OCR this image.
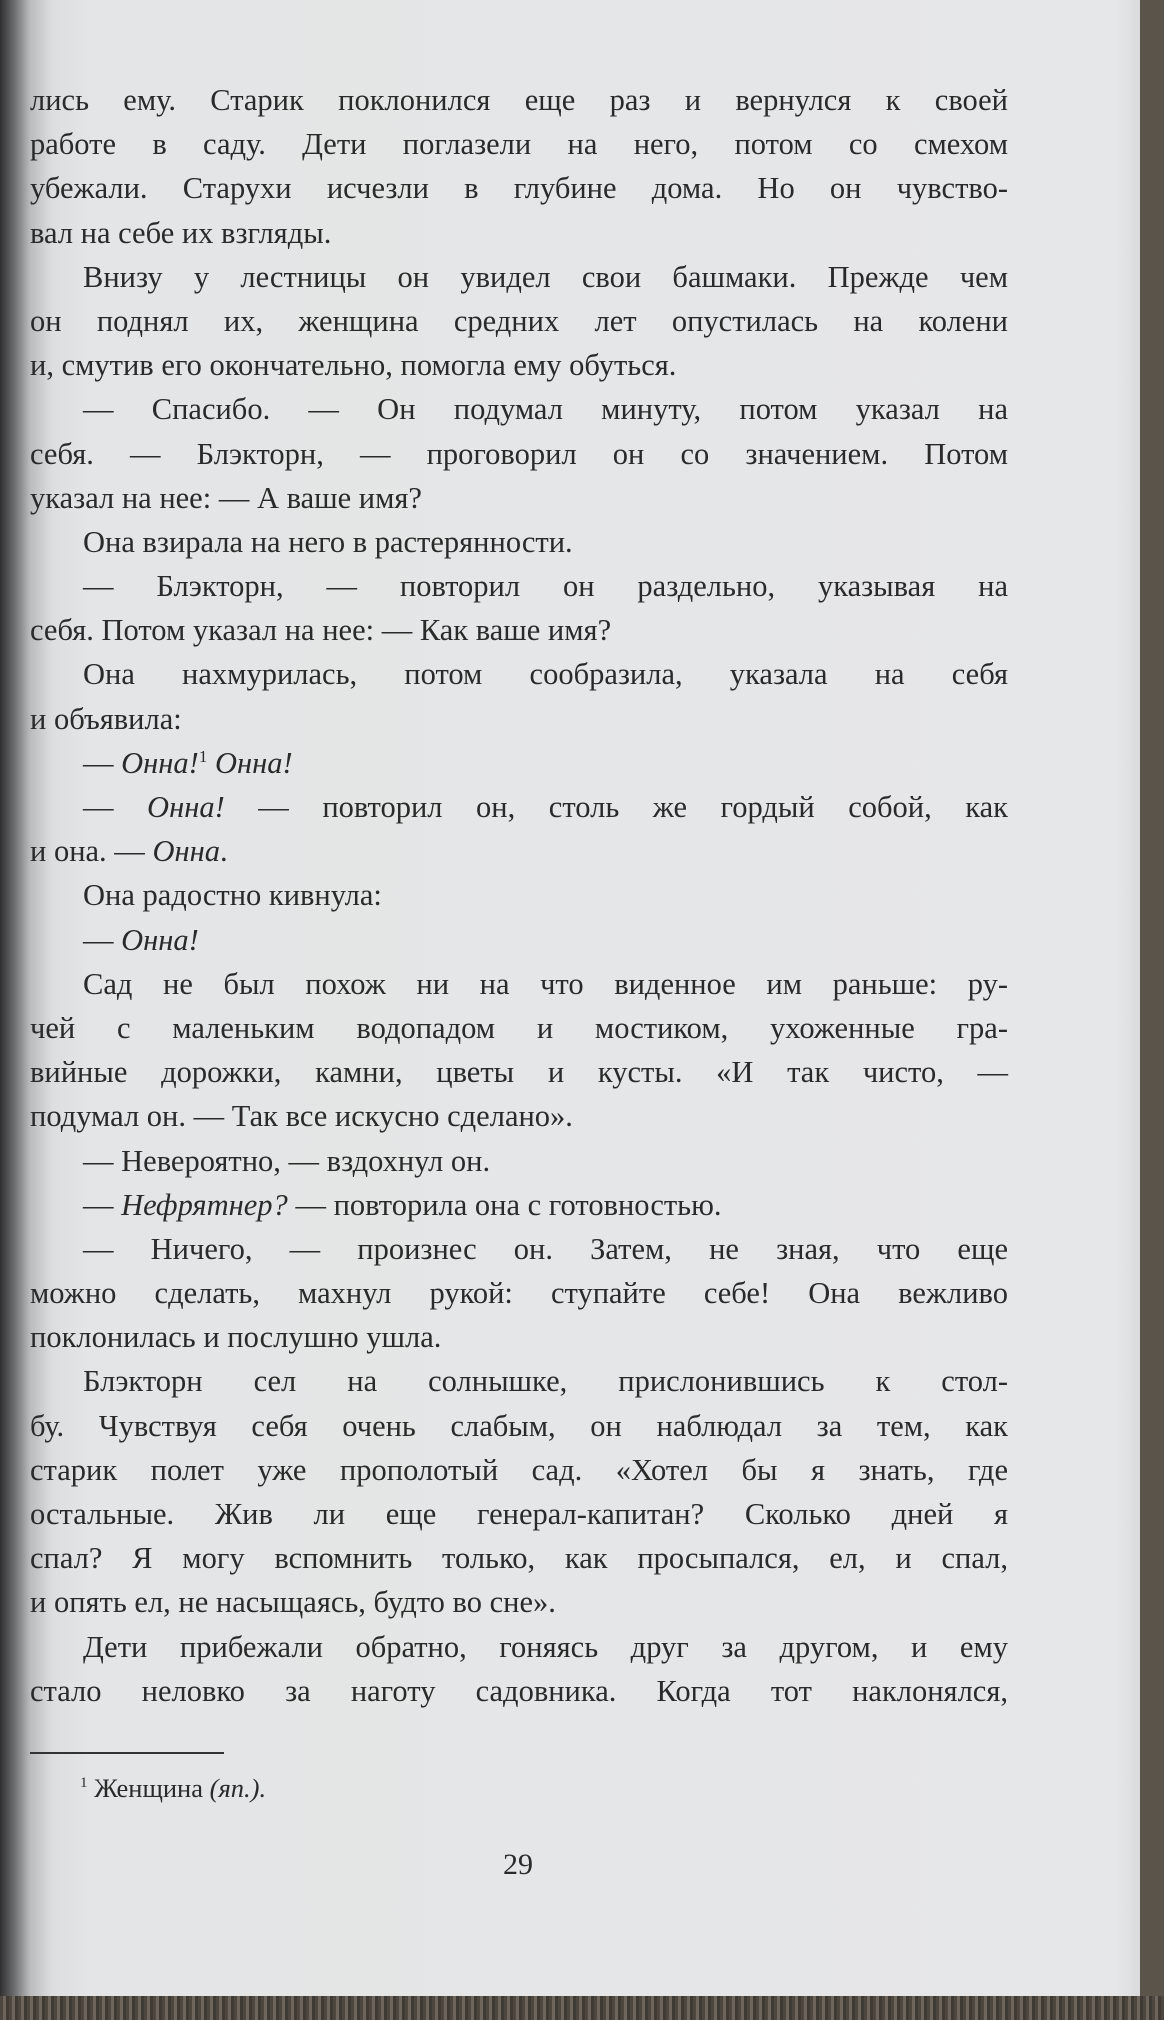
лись ему. Старик поклонился еще раз и вернулся к своей
работе в саду. Дети поглазели на него, потом со смехом
убежали. Старухи исчезли в глубине дома. Но он чувство-
вал на себе их взгляды.
Внизу у лестницы он увидел свои башмаки. Прежде чем
он поднял их, женщина средних лет опустилась на колени
и, смутив его окончательно, помогла ему обуться.
— Спасибо. — Он подумал минуту, потом указал на
себя. — Блэкторн, — проговорил он со значением. Потом
указал на нее: — А ваше имя?
Она взирала на него в растерянности.
— Блэкторн, — повторил он раздельно, указывая на
себя. Потом указал на нее: — Как ваше имя?
Она нахмурилась, потом сообразила, указала на себя
и объявила:
— Онна!$^1$ Онна!
— Онна! — повторил он, столь же гордый собой, как
и она. — Онна.
Она радостно кивнула:
— Онна!
Сад не был похож ни на что виденное им раньше: ру-
чей с маленьким водопадом и мостиком, ухоженные гра-
вийные дорожки, камни, цветы и кусты. «И так чисто, —
подумал он. — Так все искусно сделано».
— Невероятно, — вздохнул он.
— Нефрятнер? — повторила она с готовностью.
— Ничего, — произнес он. Затем, не зная, что еще
можно сделать, махнул рукой: ступайте себе! Она вежливо
поклонилась и послушно ушла.
Блэкторн сел на солнышке, прислонившись к стол-
бу. Чувствуя себя очень слабым, он наблюдал за тем, как
старик полет уже прополотый сад. «Хотел бы я знать, где
остальные. Жив ли еще генерал-капитан? Сколько дней я
спал? Я могу вспомнить только, как просыпался, ел, и спал,
и опять ел, не насыщаясь, будто во сне».
Дети прибежали обратно, гоняясь друг за другом, и ему
стало неловко за наготу садовника. Когда тот наклонялся,
$^1$ Женщина (яп.).
29
